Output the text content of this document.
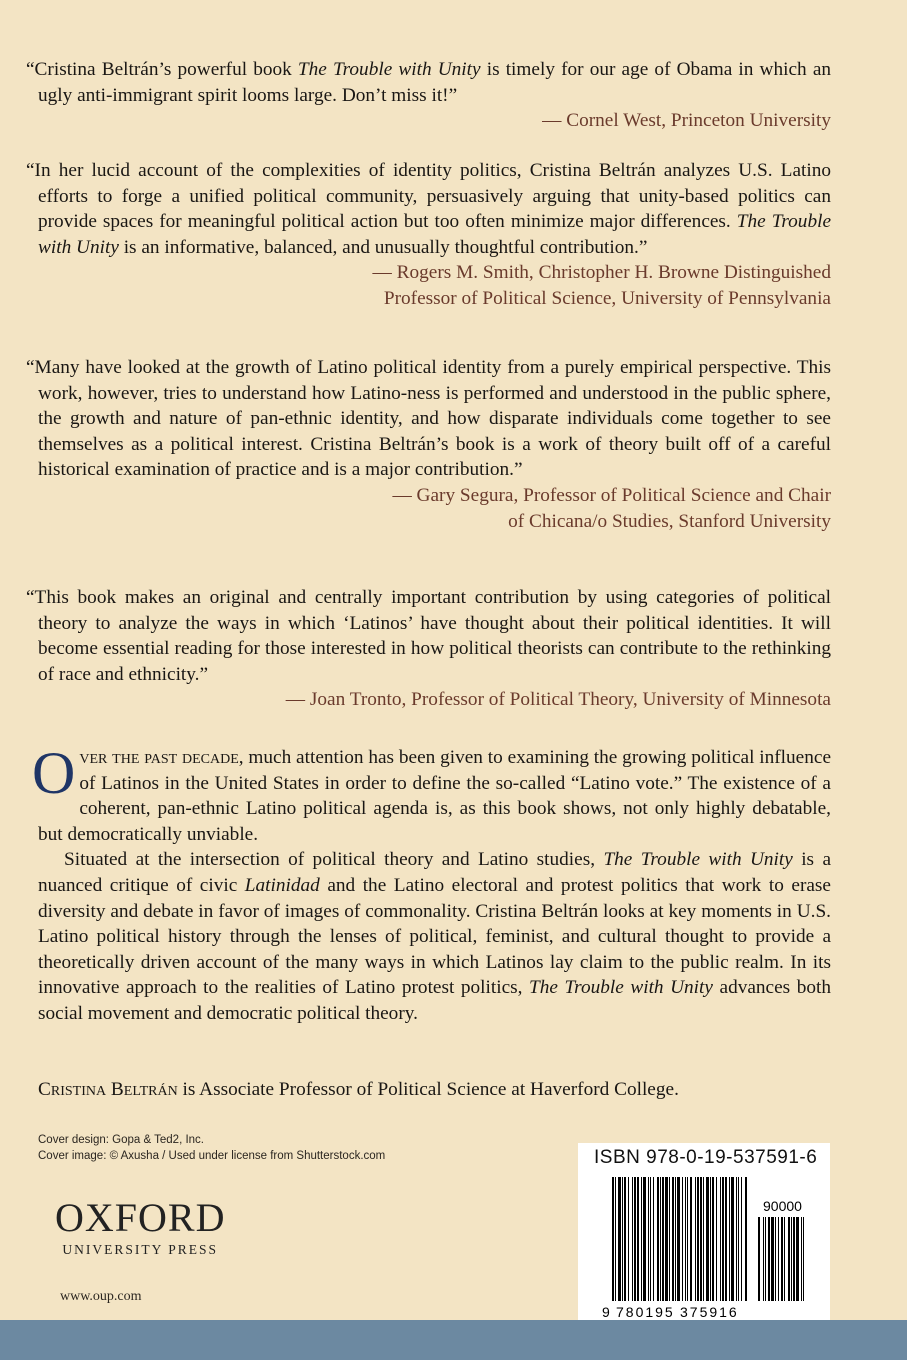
“Cristina Beltrán’s powerful book The Trouble with Unity is timely for our age of Obama in which an ugly anti-immigrant spirit looms large. Don’t miss it!”

— Cornel West, Princeton University

“In her lucid account of the complexities of identity politics, Cristina Beltrán analyzes U.S. Latino efforts to forge a unified political community, persuasively arguing that unity-based politics can provide spaces for meaningful political action but too often minimize major differences. The Trouble with Unity is an informative, balanced, and unusually thoughtful contribution.”

— Rogers M. Smith, Christopher H. Browne Distinguished
Professor of Political Science, University of Pennsylvania

“Many have looked at the growth of Latino political identity from a purely empirical perspective. This work, however, tries to understand how Latino-ness is performed and understood in the public sphere, the growth and nature of pan-ethnic identity, and how disparate individuals come together to see themselves as a political interest. Cristina Beltrán’s book is a work of theory built off of a careful historical examination of practice and is a major contribution.”

— Gary Segura, Professor of Political Science and Chair
of Chicana/o Studies, Stanford University

“This book makes an original and centrally important contribution by using categories of political theory to analyze the ways in which ‘Latinos’ have thought about their political identities. It will become essential reading for those interested in how political theorists can contribute to the rethinking of race and ethnicity.”

— Joan Tronto, Professor of Political Theory, University of Minnesota

Over the past decade, much attention has been given to examining the growing political influence of Latinos in the United States in order to define the so-called “Latino vote.” The existence of a coherent, pan-ethnic Latino political agenda is, as this book shows, not only highly debatable, but democratically unviable.

Situated at the intersection of political theory and Latino studies, The Trouble with Unity is a nuanced critique of civic Latinidad and the Latino electoral and protest politics that work to erase diversity and debate in favor of images of commonality. Cristina Beltrán looks at key moments in U.S. Latino political history through the lenses of political, feminist, and cultural thought to provide a theoretically driven account of the many ways in which Latinos lay claim to the public realm. In its innovative approach to the realities of Latino protest politics, The Trouble with Unity advances both social movement and democratic political theory.

Cristina Beltrán is Associate Professor of Political Science at Haverford College.
Cover design: Gopa & Ted2, Inc.
Cover image: © Axusha / Used under license from Shutterstock.com
OXFORD
UNIVERSITY PRESS
www.oup.com
ISBN 978-0-19-537591-6
90000
9 780195 375916
